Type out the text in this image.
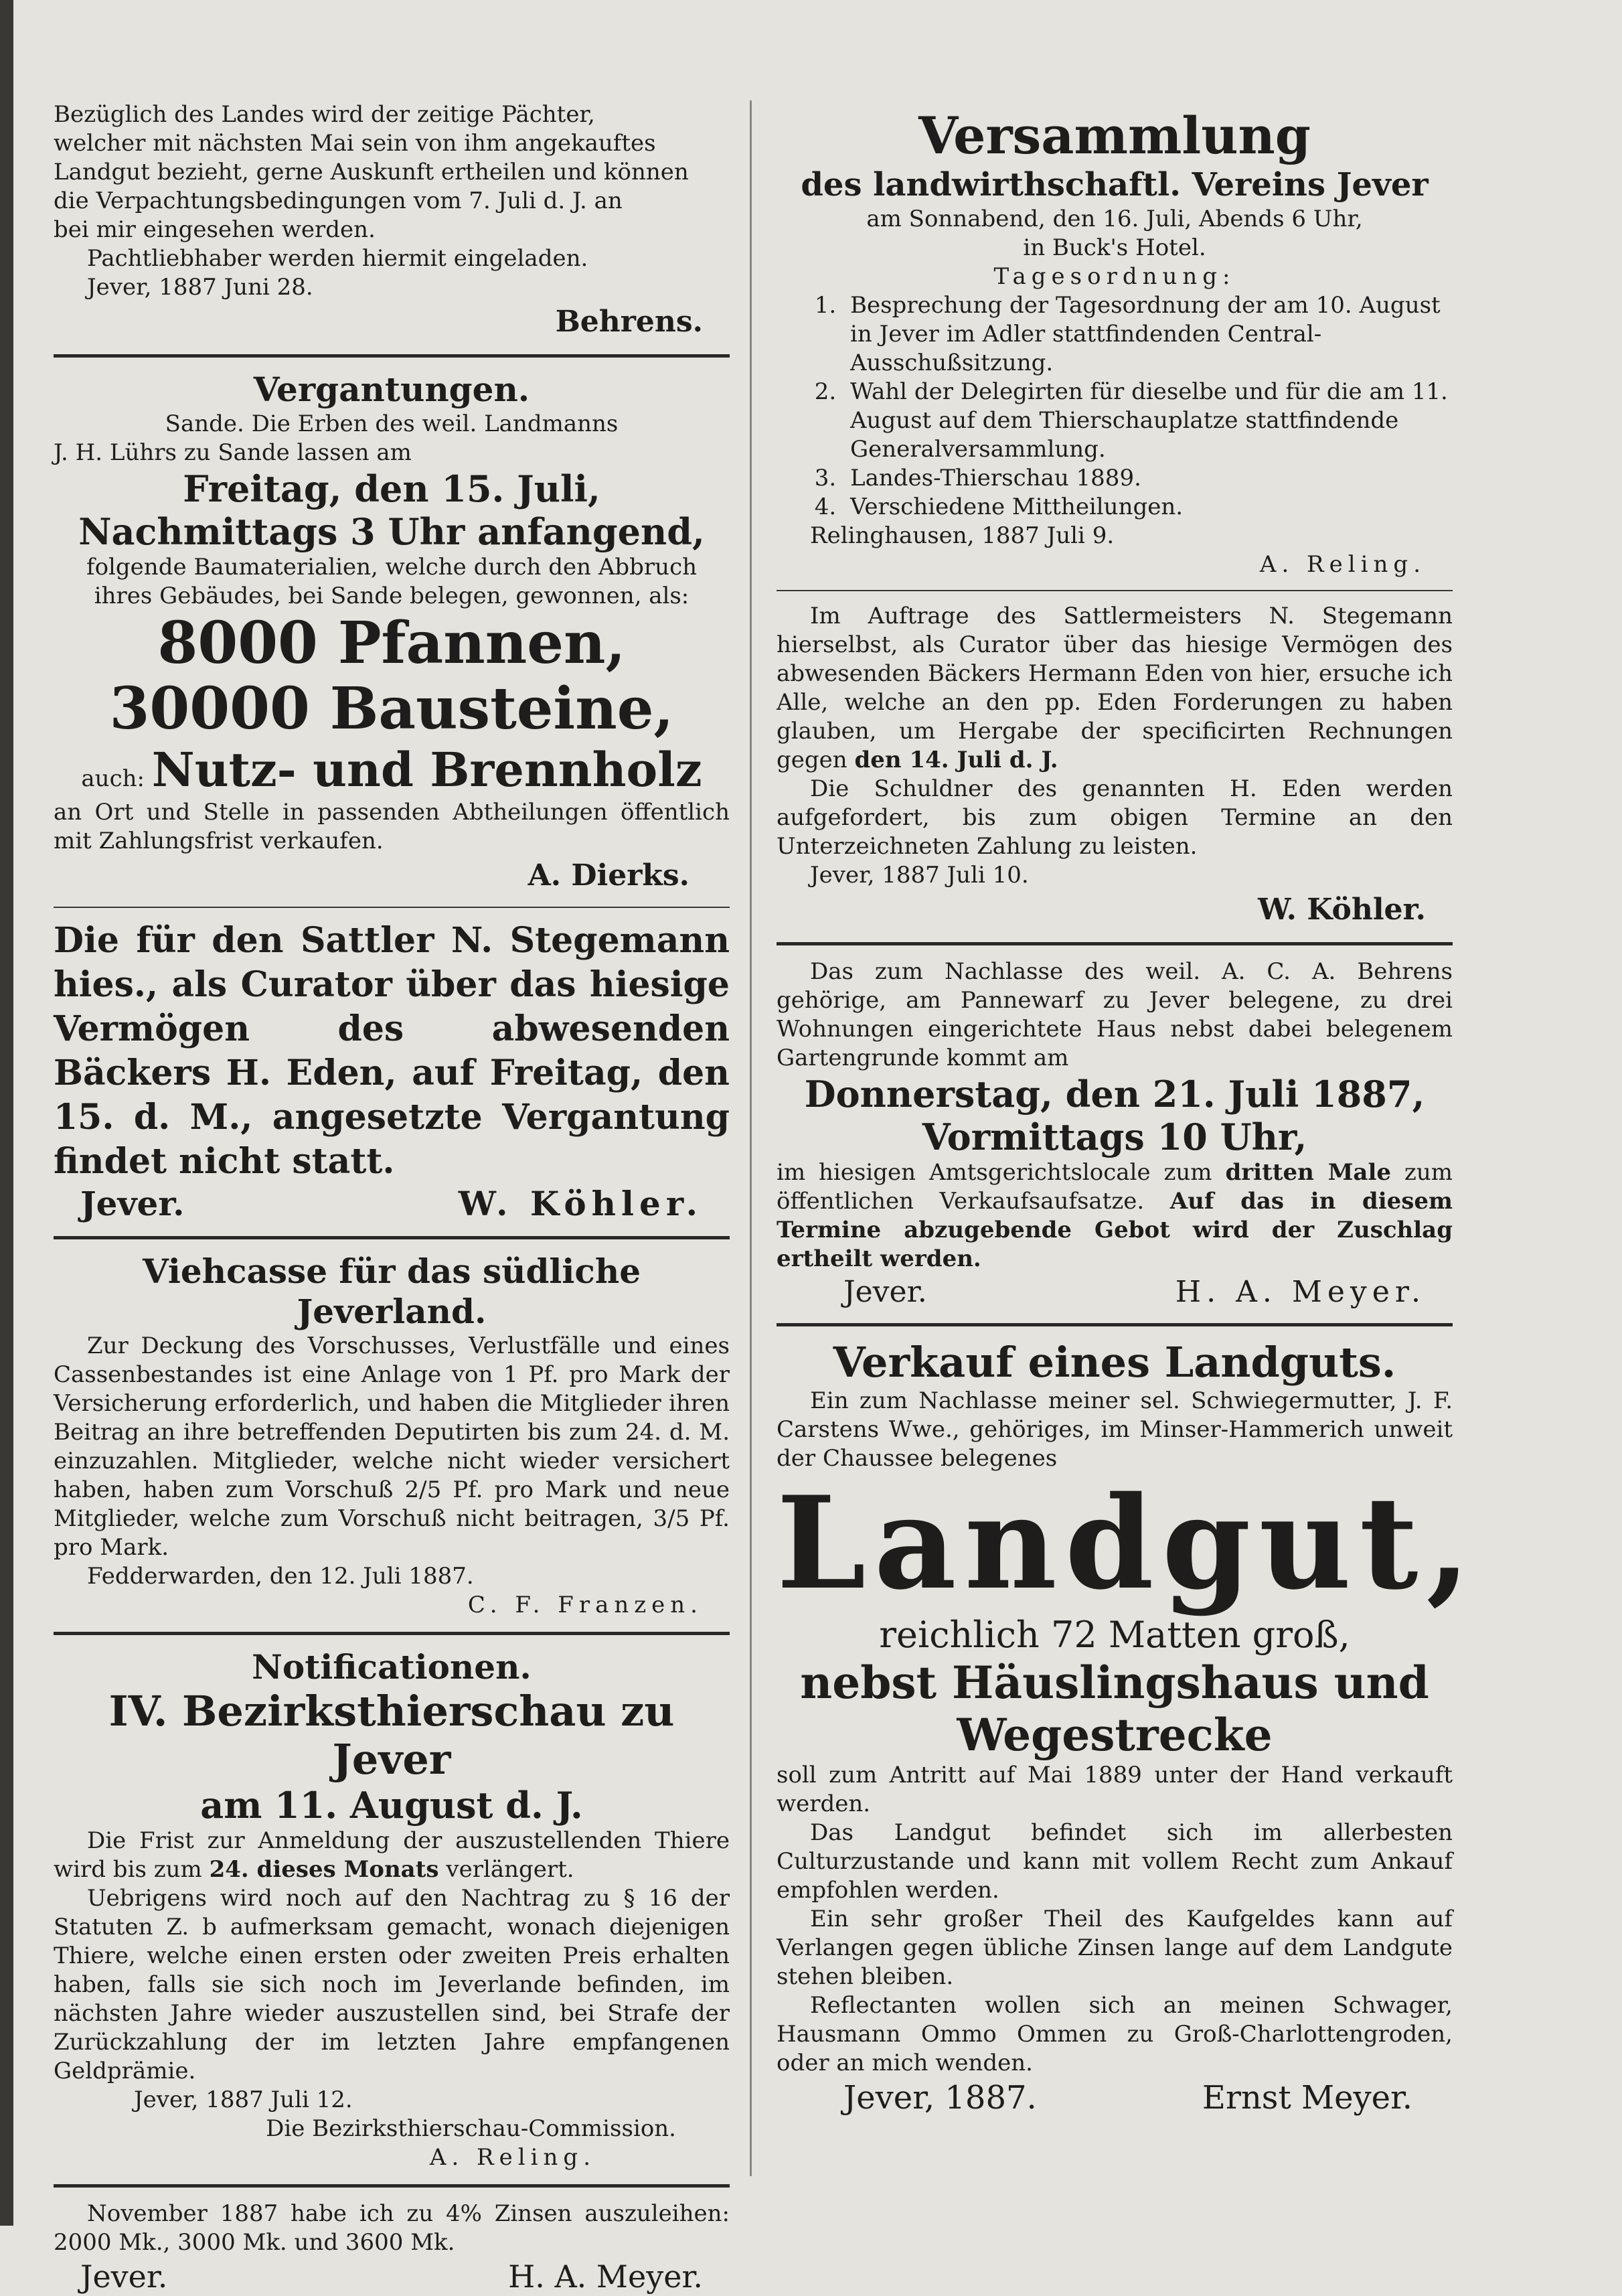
Bezüglich des Landes wird der zeitige Pächter,
welcher mit nächsten Mai sein von ihm angekauftes
Landgut bezieht, gerne Auskunft ertheilen und können
die Verpachtungsbedingungen vom 7. Juli d. J. an
bei mir eingesehen werden.
Pachtliebhaber werden hiermit eingeladen.
Jever, 1887 Juni 28.
Behrens.
Vergantungen.
Sande. Die Erben des weil. Landmanns
J. H. Lührs zu Sande lassen am
Freitag, den 15. Juli,
Nachmittags 3 Uhr anfangend,
folgende Baumaterialien, welche durch den Abbruch
ihres Gebäudes, bei Sande belegen, gewonnen, als:
8000 Pfannen,
30000 Bausteine,
auch: Nutz- und Brennholz
an Ort und Stelle in passenden Abtheilungen öffentlich mit Zahlungsfrist verkaufen.
A. Dierks.
Die für den Sattler N. Stegemann hies., als Curator über das hiesige Vermögen des abwesenden Bäckers H. Eden, auf Freitag, den 15. d. M., angesetzte Vergantung findet nicht statt.
Jever.	W. Köhler.
Viehcasse für das südliche Jeverland.
Zur Deckung des Vorschusses, Verlustfälle und eines Cassenbestandes ist eine Anlage von 1 Pf. pro Mark der Versicherung erforderlich, und haben die Mitglieder ihren Beitrag an ihre betreffenden Deputirten bis zum 24. d. M. einzuzahlen. Mitglieder, welche nicht wieder versichert haben, haben zum Vorschuß 2/5 Pf. pro Mark und neue Mitglieder, welche zum Vorschuß nicht beitragen, 3/5 Pf. pro Mark.
Fedderwarden, den 12. Juli 1887.
C. F. Franzen.
Notificationen.
IV. Bezirksthierschau zu Jever
am 11. August d. J.
Die Frist zur Anmeldung der auszustellenden Thiere wird bis zum 24. dieses Monats verlängert.
Uebrigens wird noch auf den Nachtrag zu § 16 der Statuten Z. b aufmerksam gemacht, wonach diejenigen Thiere, welche einen ersten oder zweiten Preis erhalten haben, falls sie sich noch im Jeverlande befinden, im nächsten Jahre wieder auszustellen sind, bei Strafe der Zurückzahlung der im letzten Jahre empfangenen Geldprämie.
Jever, 1887 Juli 12.
Die Bezirksthierschau-Commission.
A. Reling.
November 1887 habe ich zu 4% Zinsen auszuleihen: 2000 Mk., 3000 Mk. und 3600 Mk.
Jever.	H. A. Meyer.
Versammlung
des landwirthschaftl. Vereins Jever
am Sonnabend, den 16. Juli, Abends 6 Uhr,
in Buck's Hotel.
Tagesordnung:
1. Besprechung der Tagesordnung der am 10. August in Jever im Adler stattfindenden Central-Ausschußsitzung.
2. Wahl der Delegirten für dieselbe und für die am 11. August auf dem Thierschauplatze stattfindende Generalversammlung.
3. Landes-Thierschau 1889.
4. Verschiedene Mittheilungen.
Relinghausen, 1887 Juli 9.
A. Reling.
Im Auftrage des Sattlermeisters N. Stegemann hierselbst, als Curator über das hiesige Vermögen des abwesenden Bäckers Hermann Eden von hier, ersuche ich Alle, welche an den pp. Eden Forderungen zu haben glauben, um Hergabe der specificirten Rechnungen gegen den 14. Juli d. J.
Die Schuldner des genannten H. Eden werden aufgefordert, bis zum obigen Termine an den Unterzeichneten Zahlung zu leisten.
Jever, 1887 Juli 10.
W. Köhler.
Das zum Nachlasse des weil. A. C. A. Behrens gehörige, am Pannewarf zu Jever belegene, zu drei Wohnungen eingerichtete Haus nebst dabei belegenem Gartengrunde kommt am
Donnerstag, den 21. Juli 1887,
Vormittags 10 Uhr,
im hiesigen Amtsgerichtslocale zum dritten Male zum öffentlichen Verkaufsaufsatze. Auf das in diesem Termine abzugebende Gebot wird der Zuschlag ertheilt werden.
Jever.	H. A. Meyer.
Verkauf eines Landguts.
Ein zum Nachlasse meiner sel. Schwiegermutter, J. F. Carstens Wwe., gehöriges, im Minser-Hammerich unweit der Chaussee belegenes
Landgut,
reichlich 72 Matten groß,
nebst Häuslingshaus und
Wegestrecke
soll zum Antritt auf Mai 1889 unter der Hand verkauft werden.
Das Landgut befindet sich im allerbesten Culturzustande und kann mit vollem Recht zum Ankauf empfohlen werden.
Ein sehr großer Theil des Kaufgeldes kann auf Verlangen gegen übliche Zinsen lange auf dem Landgute stehen bleiben.
Reflectanten wollen sich an meinen Schwager, Hausmann Ommo Ommen zu Groß-Charlottengroden, oder an mich wenden.
Jever, 1887.	Ernst Meyer.
